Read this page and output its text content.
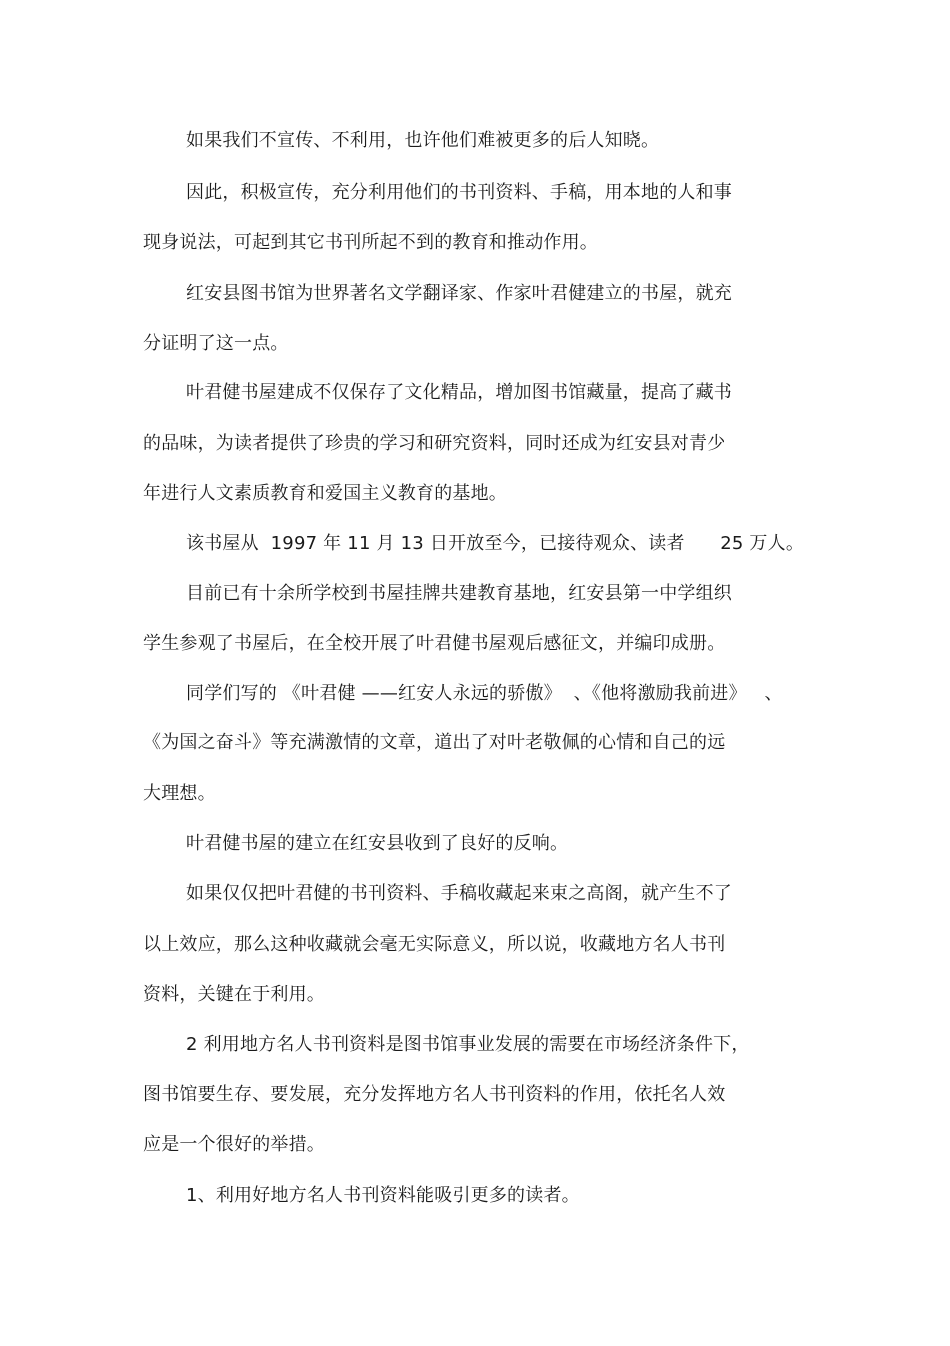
如果我们不宣传、不利用，也许他们难被更多的后人知晓。
因此，积极宣传，充分利用他们的书刊资料、手稿，用本地的人和事
现身说法，可起到其它书刊所起不到的教育和推动作用。
红安县图书馆为世界著名文学翻译家、作家叶君健建立的书屋，就充
分证明了这一点。
叶君健书屋建成不仅保存了文化精品，增加图书馆藏量，提高了藏书
的品味，为读者提供了珍贵的学习和研究资料，同时还成为红安县对青少
年进行人文素质教育和爱国主义教育的基地。
该书屋从  1997 年 11 月 13 日开放至今，已接待观众、读者      25 万人。
目前已有十余所学校到书屋挂牌共建教育基地，红安县第一中学组织
学生参观了书屋后，在全校开展了叶君健书屋观后感征文，并编印成册。
同学们写的 《叶君健 ——红安人永远的骄傲》  、《他将激励我前进》   、
《为国之奋斗》等充满激情的文章，道出了对叶老敬佩的心情和自己的远
大理想。
叶君健书屋的建立在红安县收到了良好的反响。
如果仅仅把叶君健的书刊资料、手稿收藏起来束之高阁，就产生不了
以上效应，那么这种收藏就会毫无实际意义，所以说，收藏地方名人书刊
资料，关键在于利用。
2 利用地方名人书刊资料是图书馆事业发展的需要在市场经济条件下，
图书馆要生存、要发展，充分发挥地方名人书刊资料的作用，依托名人效
应是一个很好的举措。
1、利用好地方名人书刊资料能吸引更多的读者。
